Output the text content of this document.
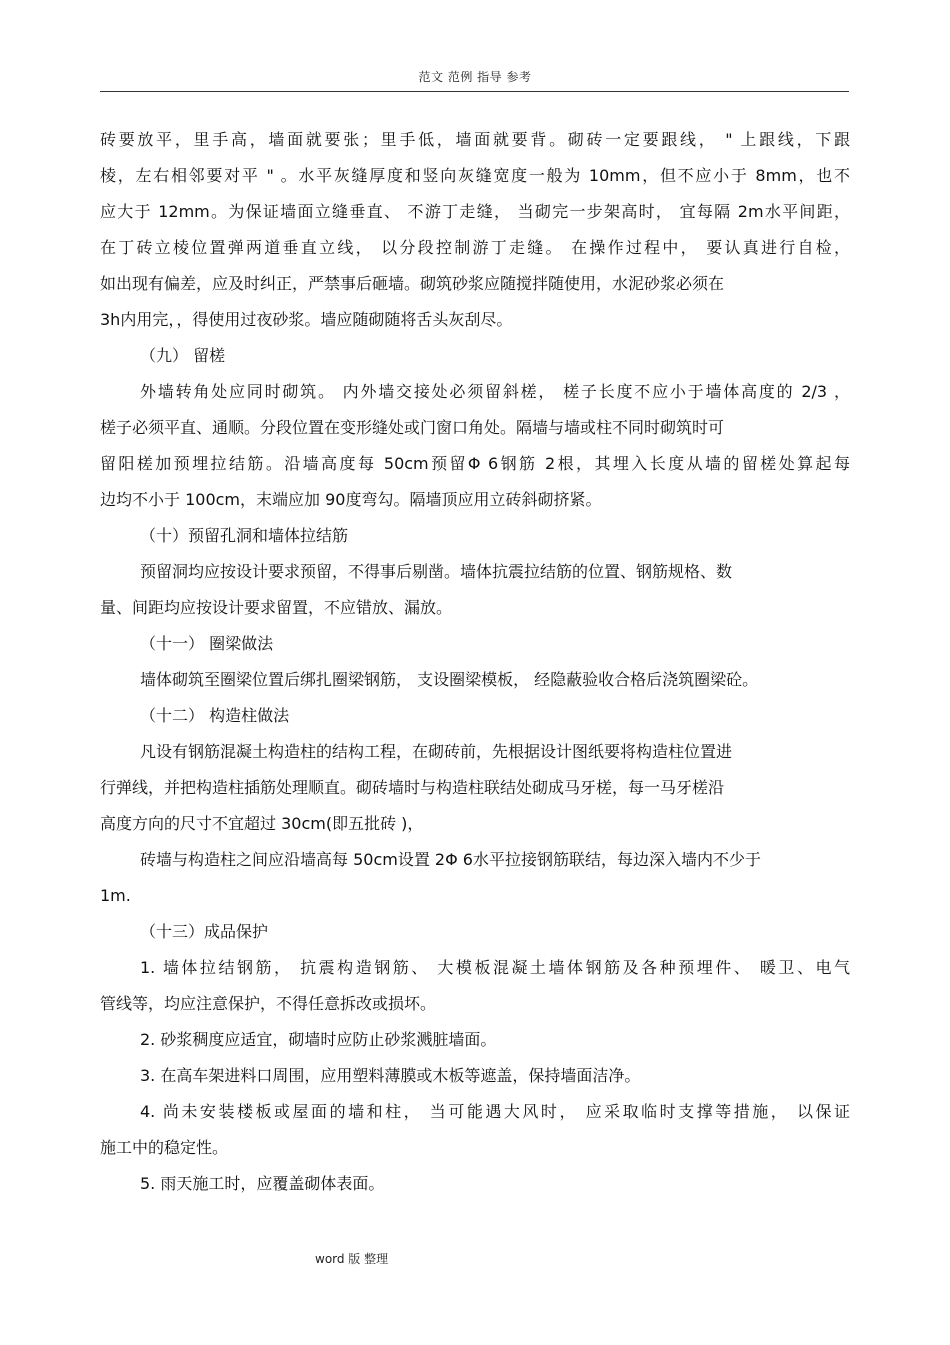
范文 范例 指导 参考
砖要放平，里手高，墙面就要张；里手低，墙面就要背。砌砖一定要跟线， " 上跟线，下跟
棱，左右相邻要对平 " 。水平灰缝厚度和竖向灰缝宽度一般为 10mm，但不应小于 8mm，也不
应大于 12mm。为保证墙面立缝垂直、 不游丁走缝， 当砌完一步架高时， 宜每隔 2m水平间距，
在丁砖立棱位置弹两道垂直立线， 以分段控制游丁走缝。 在操作过程中， 要认真进行自检，
如出现有偏差，应及时纠正，严禁事后砸墙。砌筑砂浆应随搅拌随使用，水泥砂浆必须在
3h内用完，，得使用过夜砂浆。墙应随砌随将舌头灰刮尽。
（九） 留槎
外墙转角处应同时砌筑。 内外墙交接处必须留斜槎， 槎子长度不应小于墙体高度的 2/3 ，
槎子必须平直、通顺。分段位置在变形缝处或门窗口角处。隔墙与墙或柱不同时砌筑时可
留阳槎加预埋拉结筋。沿墙高度每 50cm预留Φ 6钢筋 2根，其埋入长度从墙的留槎处算起每
边均不小于 100cm，末端应加 90度弯勾。隔墙顶应用立砖斜砌挤紧。
（十）预留孔洞和墙体拉结筋
预留洞均应按设计要求预留，不得事后剔凿。墙体抗震拉结筋的位置、钢筋规格、数
量、间距均应按设计要求留置，不应错放、漏放。
（十一） 圈梁做法
墙体砌筑至圈梁位置后绑扎圈梁钢筋， 支设圈梁模板， 经隐蔽验收合格后浇筑圈梁砼。
（十二） 构造柱做法
凡设有钢筋混凝土构造柱的结构工程，在砌砖前，先根据设计图纸要将构造柱位置进
行弹线，并把构造柱插筋处理顺直。砌砖墙时与构造柱联结处砌成马牙槎，每一马牙槎沿
高度方向的尺寸不宜超过 30cm(即五批砖 )，
砖墙与构造柱之间应沿墙高每 50cm设置 2Φ 6水平拉接钢筋联结，每边深入墙内不少于
1m.
（十三）成品保护
1. 墙体拉结钢筋， 抗震构造钢筋、 大模板混凝土墙体钢筋及各种预埋件、 暖卫、电气
管线等，均应注意保护，不得任意拆改或损坏。
2. 砂浆稠度应适宜，砌墙时应防止砂浆溅脏墙面。
3. 在高车架进料口周围，应用塑料薄膜或木板等遮盖，保持墙面洁净。
4. 尚未安装楼板或屋面的墙和柱， 当可能遇大风时， 应采取临时支撑等措施， 以保证
施工中的稳定性。
5. 雨天施工时，应覆盖砌体表面。
word 版 整理
